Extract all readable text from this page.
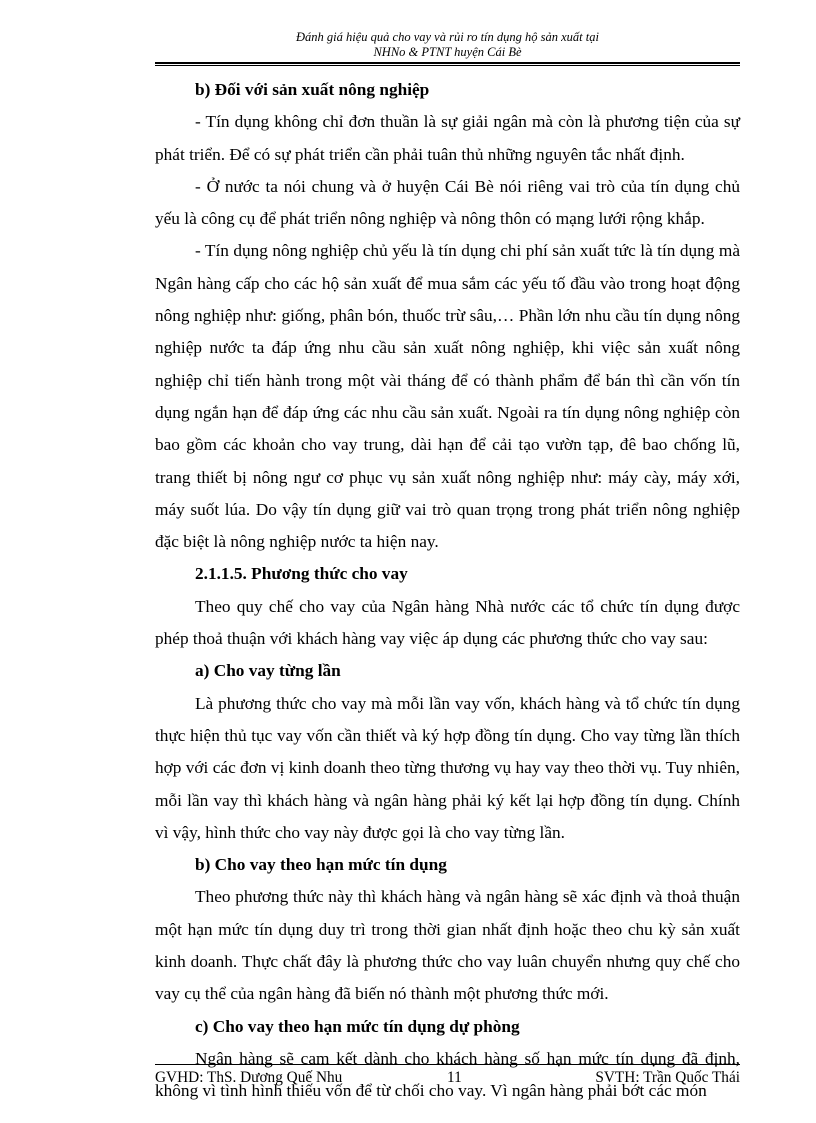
Đánh giá hiệu quả cho vay và rủi ro tín dụng hộ sản xuất tại
NHNo & PTNT huyện Cái Bè

b) Đối với sản xuất nông nghiệp

- Tín dụng không chỉ đơn thuần là sự giải ngân mà còn là phương tiện của sự phát triển. Để có sự phát triển cần phải tuân thủ những nguyên tắc nhất định.

- Ở nước ta nói chung và ở huyện Cái Bè nói riêng vai trò của tín dụng chủ yếu là công cụ để phát triển nông nghiệp và nông thôn có mạng lưới rộng khắp.

- Tín dụng nông nghiệp chủ yếu là tín dụng chi phí sản xuất tức là tín dụng mà Ngân hàng cấp cho các hộ sản xuất để mua sắm các yếu tố đầu vào trong hoạt động nông nghiệp như: giống, phân bón, thuốc trừ sâu,… Phần lớn nhu cầu tín dụng nông nghiệp nước ta đáp ứng nhu cầu sản xuất nông nghiệp, khi việc sản xuất nông nghiệp chỉ tiến hành trong một vài tháng để có thành phẩm để bán thì cần vốn tín dụng ngắn hạn để đáp ứng các nhu cầu sản xuất. Ngoài ra tín dụng nông nghiệp còn bao gồm các khoản cho vay trung, dài hạn để cải tạo vườn tạp, đê bao chống lũ, trang thiết bị nông ngư cơ phục vụ sản xuất nông nghiệp như: máy cày, máy xới, máy suốt lúa. Do vậy tín dụng giữ vai trò quan trọng trong phát triển nông nghiệp đặc biệt là nông nghiệp nước ta hiện nay.

2.1.1.5. Phương thức cho vay

Theo quy chế cho vay của Ngân hàng Nhà nước các tổ chức tín dụng được phép thoả thuận với khách hàng vay việc áp dụng các phương thức cho vay sau:

a) Cho vay từng lần

Là phương thức cho vay mà mỗi lần vay vốn, khách hàng và tổ chức tín dụng thực hiện thủ tục vay vốn cần thiết và ký hợp đồng tín dụng. Cho vay từng lần thích hợp với các đơn vị kinh doanh theo từng thương vụ hay vay theo thời vụ. Tuy nhiên, mỗi lần vay thì khách hàng và ngân hàng phải ký kết lại hợp đồng tín dụng. Chính vì vậy, hình thức cho vay này được gọi là cho vay từng lần.

b) Cho vay theo hạn mức tín dụng

Theo phương thức này thì khách hàng và ngân hàng sẽ xác định và thoả thuận một hạn mức tín dụng duy trì trong thời gian nhất định hoặc theo chu kỳ sản xuất kinh doanh. Thực chất đây là phương thức cho vay luân chuyển nhưng quy chế cho vay cụ thể của ngân hàng đã biến nó thành một phương thức mới.

c) Cho vay theo hạn mức tín dụng dự phòng

Ngân hàng sẽ cam kết dành cho khách hàng số hạn mức tín dụng đã định, không vì tình hình thiếu vốn để từ chối cho vay. Vì ngân hàng phải bớt các món

GVHD: ThS. Dương Quế Nhu	11	SVTH: Trần Quốc Thái
